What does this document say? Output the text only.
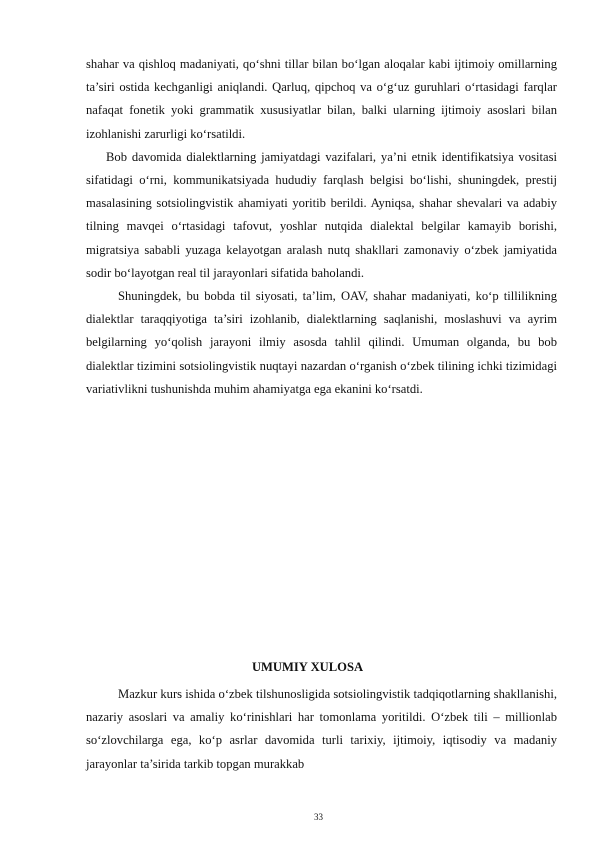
shahar va qishloq madaniyati, qo‘shni tillar bilan bo‘lgan aloqalar kabi ijtimoiy omillarning ta’siri ostida kechganligi aniqlandi. Qarluq, qipchoq va o‘g‘uz guruhlari o‘rtasidagi farqlar nafaqat fonetik yoki grammatik xususiyatlar bilan, balki ularning ijtimoiy asoslari bilan izohlanishi zarurligi ko‘rsatildi.

Bob davomida dialektlarning jamiyatdagi vazifalari, ya’ni etnik identifikatsiya vositasi sifatidagi o‘rni, kommunikatsiyada hududiy farqlash belgisi bo‘lishi, shuningdek, prestij masalasining sotsiolingvistik ahamiyati yoritib berildi. Ayniqsa, shahar shevalari va adabiy tilning mavqei o‘rtasidagi tafovut, yoshlar nutqida dialektal belgilar kamayib borishi, migratsiya sababli yuzaga kelayotgan aralash nutq shakllari zamonaviy o‘zbek jamiyatida sodir bo‘layotgan real til jarayonlari sifatida baholandi.

Shuningdek, bu bobda til siyosati, ta’lim, OAV, shahar madaniyati, ko‘p tillilikning dialektlar taraqqiyotiga ta’siri izohlanib, dialektlarning saqlanishi, moslashuvi va ayrim belgilarning yo‘qolish jarayoni ilmiy asosda tahlil qilindi. Umuman olganda, bu bob dialektlar tizimini sotsiolingvistik nuqtayi nazardan o‘rganish o‘zbek tilining ichki tizimidagi variativlikni tushunishda muhim ahamiyatga ega ekanini ko‘rsatdi.

UMUMIY XULOSA

Mazkur kurs ishida o‘zbek tilshunosligida sotsiolingvistik tadqiqotlarning shakllanishi, nazariy asoslari va amaliy ko‘rinishlari har tomonlama yoritildi. O‘zbek tili – millionlab so‘zlovchilarga ega, ko‘p asrlar davomida turli tarixiy, ijtimoiy, iqtisodiy va madaniy jarayonlar ta’sirida tarkib topgan murakkab

33
